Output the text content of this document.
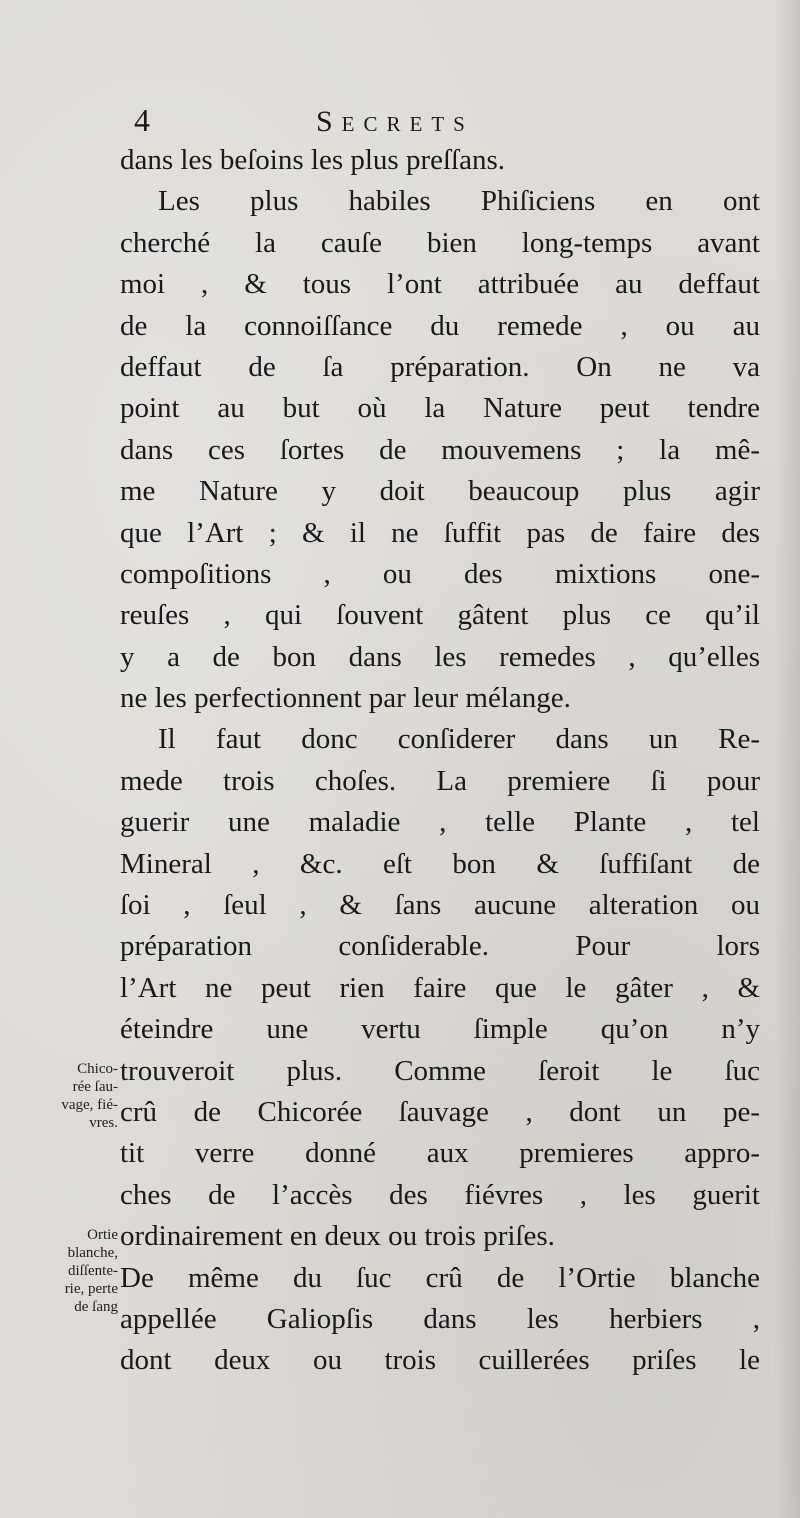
4	Secrets
dans les beſoins les plus preſſans.
Les plus habiles Phiſiciens en ont
cherché la cauſe bien long-temps avant
moi , & tous l’ont attribuée au deffaut
de la connoiſſance du remede , ou au
deffaut de ſa préparation. On ne va
point au but où la Nature peut tendre
dans ces ſortes de mouvemens ; la mê-
me Nature y doit beaucoup plus agir
que l’Art ; & il ne ſuffit pas de faire des
compoſitions , ou des mixtions one-
reuſes , qui ſouvent gâtent plus ce qu’il
y a de bon dans les remedes , qu’elles
ne les perfectionnent par leur mélange.
Il faut donc conſiderer dans un Re-
mede trois choſes. La premiere ſi pour
guerir une maladie , telle Plante , tel
Mineral , &c. eſt bon & ſuffiſant de
ſoi , ſeul , & ſans aucune alteration ou
préparation conſiderable. Pour lors
l’Art ne peut rien faire que le gâter , &
éteindre une vertu ſimple qu’on n’y
trouveroit plus. Comme ſeroit le ſuc
crû de Chicorée ſauvage , dont un pe-
tit verre donné aux premieres appro-
ches de l’accès des fiévres , les guerit
ordinairement en deux ou trois priſes.
De même du ſuc crû de l’Ortie blanche
appellée Galiopſis dans les herbiers ,
dont deux ou trois cuillerées priſes le
Chico-
rée ſau-
vage, fié-
vres.
Ortie
blanche,
diſſente-
rie, perte
de ſang
